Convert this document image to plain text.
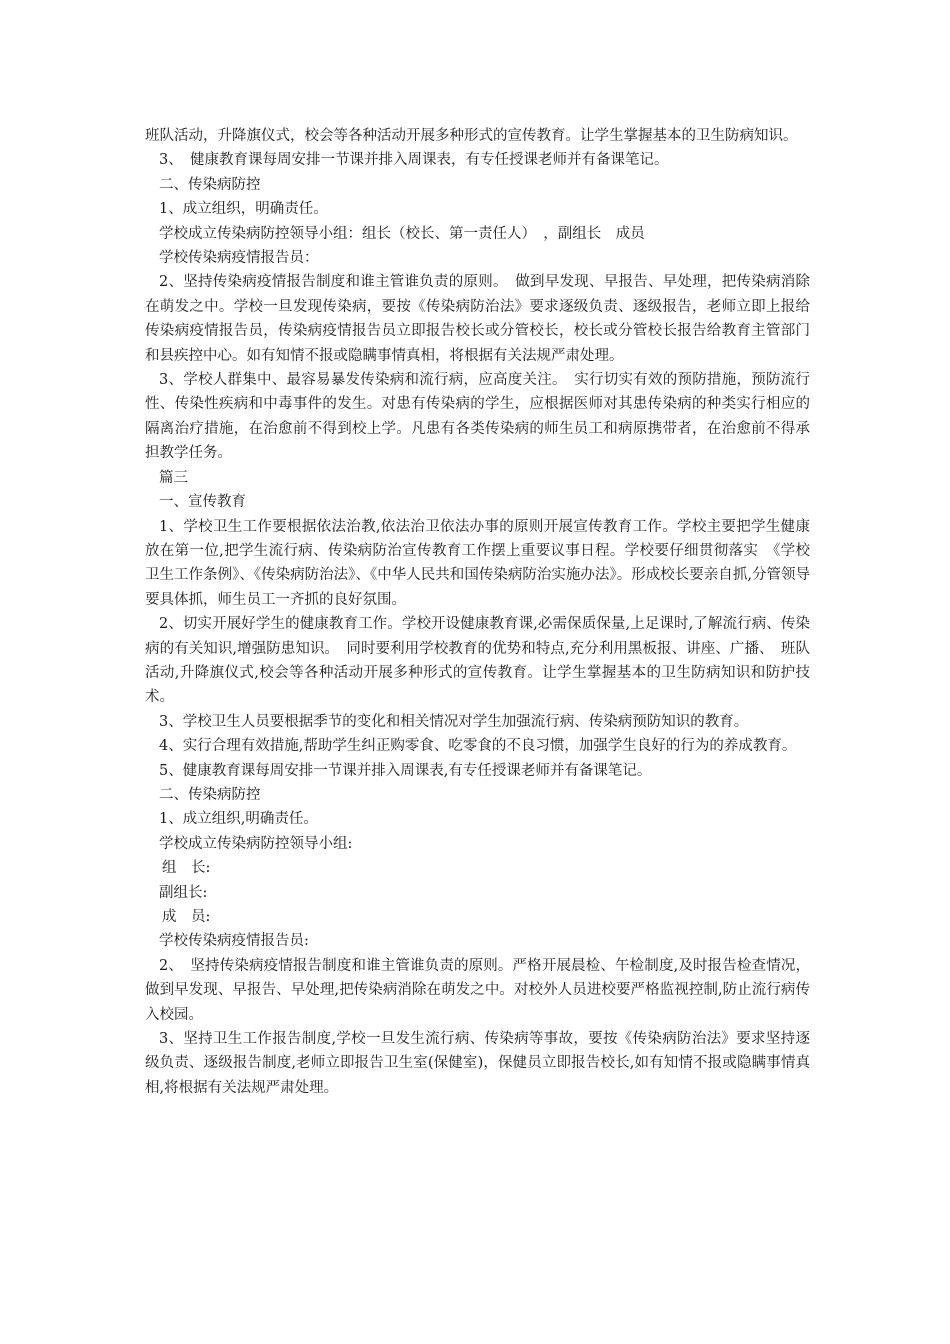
班队活动，升降旗仪式，校会等各种活动开展多种形式的宣传教育。让学生掌握基本的卫生防病知识。

3、　健康教育课每周安排一节课并排入周课表，有专任授课老师并有备课笔记。

二、传染病防控

1、成立组织，明确责任。

学校成立传染病防控领导小组：组长（校长、第一责任人）　，副组长　成员

学校传染病疫情报告员：

2、坚持传染病疫情报告制度和谁主管谁负责的原则。　做到早发现、早报告、早处理，把传染病消除在萌发之中。学校一旦发现传染病，要按《传染病防治法》要求逐级负责、逐级报告，老师立即上报给传染病疫情报告员，传染病疫情报告员立即报告校长或分管校长，校长或分管校长报告给教育主管部门和县疾控中心。如有知情不报或隐瞒事情真相，将根据有关法规严肃处理。

3、学校人群集中、最容易暴发传染病和流行病，应高度关注。　实行切实有效的预防措施，预防流行性、传染性疾病和中毒事件的发生。对患有传染病的学生，应根据医师对其患传染病的种类实行相应的隔离治疗措施，在治愈前不得到校上学。凡患有各类传染病的师生员工和病原携带者，在治愈前不得承担教学任务。

篇三

一、宣传教育

1、学校卫生工作要根据依法治教,依法治卫依法办事的原则开展宣传教育工作。学校主要把学生健康放在第一位,把学生流行病、传染病防治宣传教育工作摆上重要议事日程。学校要仔细贯彻落实　《学校　卫生工作条例》、《传染病防治法》、《中华人民共和国传染病防治实施办法》。形成校长要亲自抓,分管领导要具体抓，师生员工一齐抓的良好氛围。

2、切实开展好学生的健康教育工作。学校开设健康教育课,必需保质保量,上足课时,了解流行病、传染病的有关知识,增强防患知识。　同时要利用学校教育的优势和特点,充分利用黑板报、讲座、广播、　班队活动,升降旗仪式,校会等各种活动开展多种形式的宣传教育。让学生掌握基本的卫生防病知识和防护技术。

3、学校卫生人员要根据季节的变化和相关情况对学生加强流行病、传染病预防知识的教育。

4、实行合理有效措施,帮助学生纠正购零食、吃零食的不良习惯，加强学生良好的行为的养成教育。

5、健康教育课每周安排一节课并排入周课表,有专任授课老师并有备课笔记。

二、传染病防控

1、成立组织,明确责任。

学校成立传染病防控领导小组:

组　长:

副组长:

成　员:

学校传染病疫情报告员:

2、　坚持传染病疫情报告制度和谁主管谁负责的原则。严格开展晨检、午检制度,及时报告检查情况，做到早发现、早报告、早处理,把传染病消除在萌发之中。对校外人员进校要严格监视控制,防止流行病传入校园。

3、坚持卫生工作报告制度,学校一旦发生流行病、传染病等事故，要按《传染病防治法》要求坚持逐级负责、逐级报告制度,老师立即报告卫生室(保健室)，保健员立即报告校长,如有知情不报或隐瞒事情真相,将根据有关法规严肃处理。
